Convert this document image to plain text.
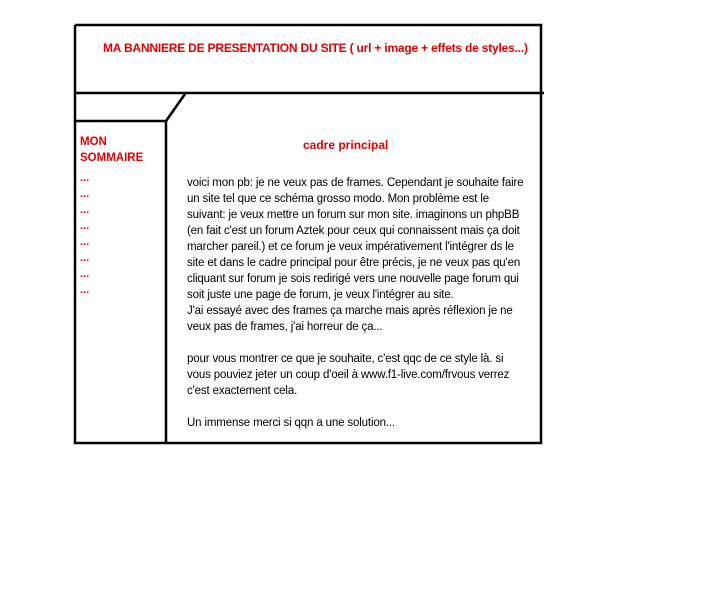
MA BANNIERE DE PRESENTATION DU SITE ( url + image + effets de styles...)
MON SOMMAIRE
...
...
...
...
...
...
...
...
cadre principal

voici mon pb: je ne veux pas de frames. Cependant je souhaite faire un site tel que ce schéma grosso modo. Mon problème est le suivant: je veux mettre un forum sur mon site. imaginons un phpBB (en fait c'est un forum Aztek pour ceux qui connaissent mais ça doit marcher pareil.) et ce forum je veux impérativement l'intégrer ds le site et dans le cadre principal pour être précis, je ne veux pas qu'en cliquant sur forum je sois redirigé vers une nouvelle page forum qui soit juste une page de forum, je veux l'intégrer au site.

J'ai essayé avec des frames ça marche mais après réflexion je ne veux pas de frames, j'ai horreur de ça...

pour vous montrer ce que je souhaite, c'est qqc de ce style là. si vous pouviez jeter un coup d'oeil à www.f1-live.com/frvous verrez c'est exactement cela.

Un immense merci si qqn a une solution...
